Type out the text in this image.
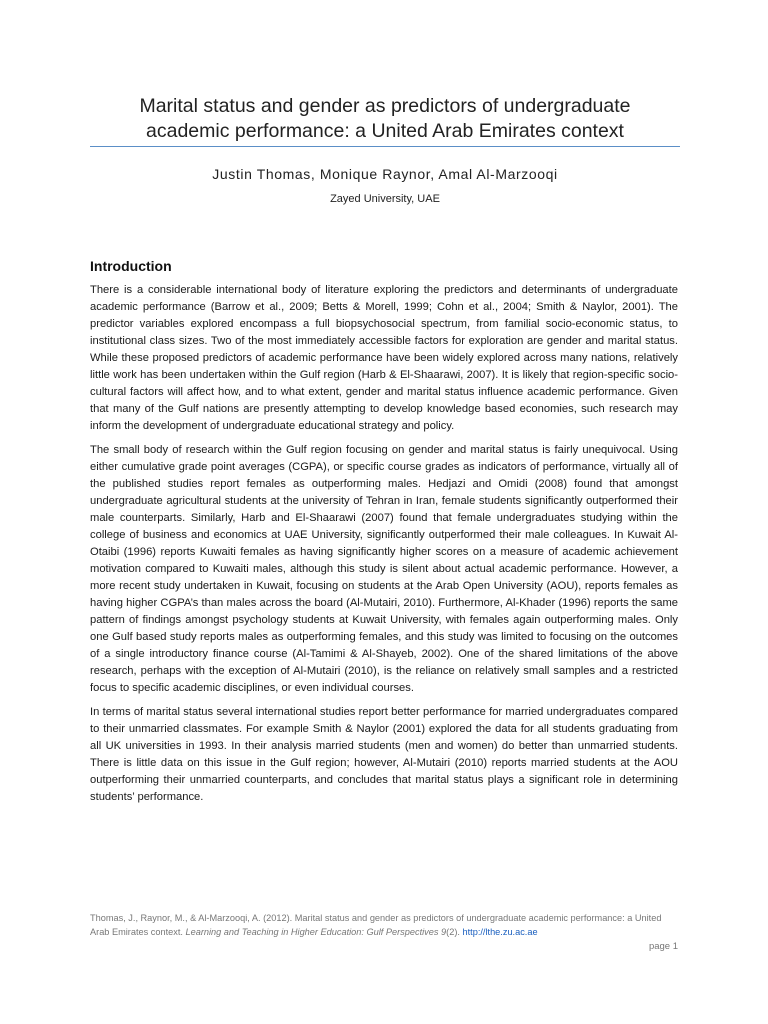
Marital status and gender as predictors of undergraduate
academic performance: a United Arab Emirates context
Justin Thomas, Monique Raynor, Amal Al-Marzooqi
Zayed University, UAE
Introduction

There is a considerable international body of literature exploring the predictors and determinants of undergraduate academic performance (Barrow et al., 2009; Betts & Morell, 1999; Cohn et al., 2004; Smith & Naylor, 2001). The predictor variables explored encompass a full biopsychosocial spectrum, from familial socio-economic status, to institutional class sizes. Two of the most immediately accessible factors for exploration are gender and marital status. While these proposed predictors of academic performance have been widely explored across many nations, relatively little work has been undertaken within the Gulf region (Harb & El-Shaarawi, 2007). It is likely that region-specific socio-cultural factors will affect how, and to what extent, gender and marital status influence academic performance. Given that many of the Gulf nations are presently attempting to develop knowledge based economies, such research may inform the development of undergraduate educational strategy and policy.

The small body of research within the Gulf region focusing on gender and marital status is fairly unequivocal. Using either cumulative grade point averages (CGPA), or specific course grades as indicators of performance, virtually all of the published studies report females as outperforming males. Hedjazi and Omidi (2008) found that amongst undergraduate agricultural students at the university of Tehran in Iran, female students significantly outperformed their male counterparts. Similarly, Harb and El-Shaarawi (2007) found that female undergraduates studying within the college of business and economics at UAE University, significantly outperformed their male colleagues. In Kuwait Al-Otaibi (1996) reports Kuwaiti females as having significantly higher scores on a measure of academic achievement motivation compared to Kuwaiti males, although this study is silent about actual academic performance. However, a more recent study undertaken in Kuwait, focusing on students at the Arab Open University (AOU), reports females as having higher CGPA’s than males across the board (Al-Mutairi, 2010). Furthermore, Al-Khader (1996) reports the same pattern of findings amongst psychology students at Kuwait University, with females again outperforming males. Only one Gulf based study reports males as outperforming females, and this study was limited to focusing on the outcomes of a single introductory finance course (Al-Tamimi & Al-Shayeb, 2002). One of the shared limitations of the above research, perhaps with the exception of Al-Mutairi (2010), is the reliance on relatively small samples and a restricted focus to specific academic disciplines, or even individual courses.

In terms of marital status several international studies report better performance for married undergraduates compared to their unmarried classmates. For example Smith & Naylor (2001) explored the data for all students graduating from all UK universities in 1993. In their analysis married students (men and women) do better than unmarried students. There is little data on this issue in the Gulf region; however, Al-Mutairi (2010) reports married students at the AOU outperforming their unmarried counterparts, and concludes that marital status plays a significant role in determining students’ performance.

Thomas, J., Raynor, M., & Al-Marzooqi, A. (2012). Marital status and gender as predictors of undergraduate academic performance: a United Arab Emirates context. Learning and Teaching in Higher Education: Gulf Perspectives 9(2). http://lthe.zu.ac.ae
page 1
